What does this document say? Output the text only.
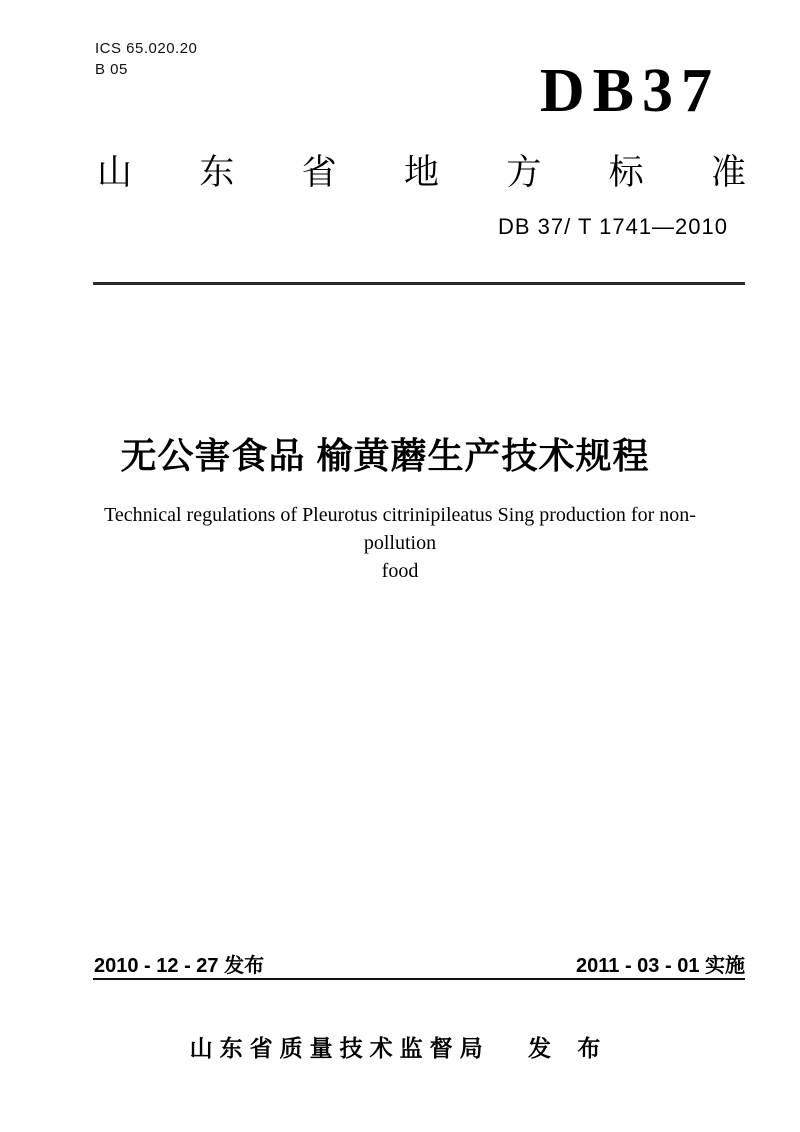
ICS 65.020.20
B 05	DB37
山 东 省 地 方 标 准
DB 37/ T 1741—2010
无公害食品 榆黄蘑生产技术规程
Technical regulations of Pleurotus citrinipileatus Sing production for non-pollution
food
2010 - 12 - 27 发布	2011 - 03 - 01 实施
山东省质量技术监督局 发 布
